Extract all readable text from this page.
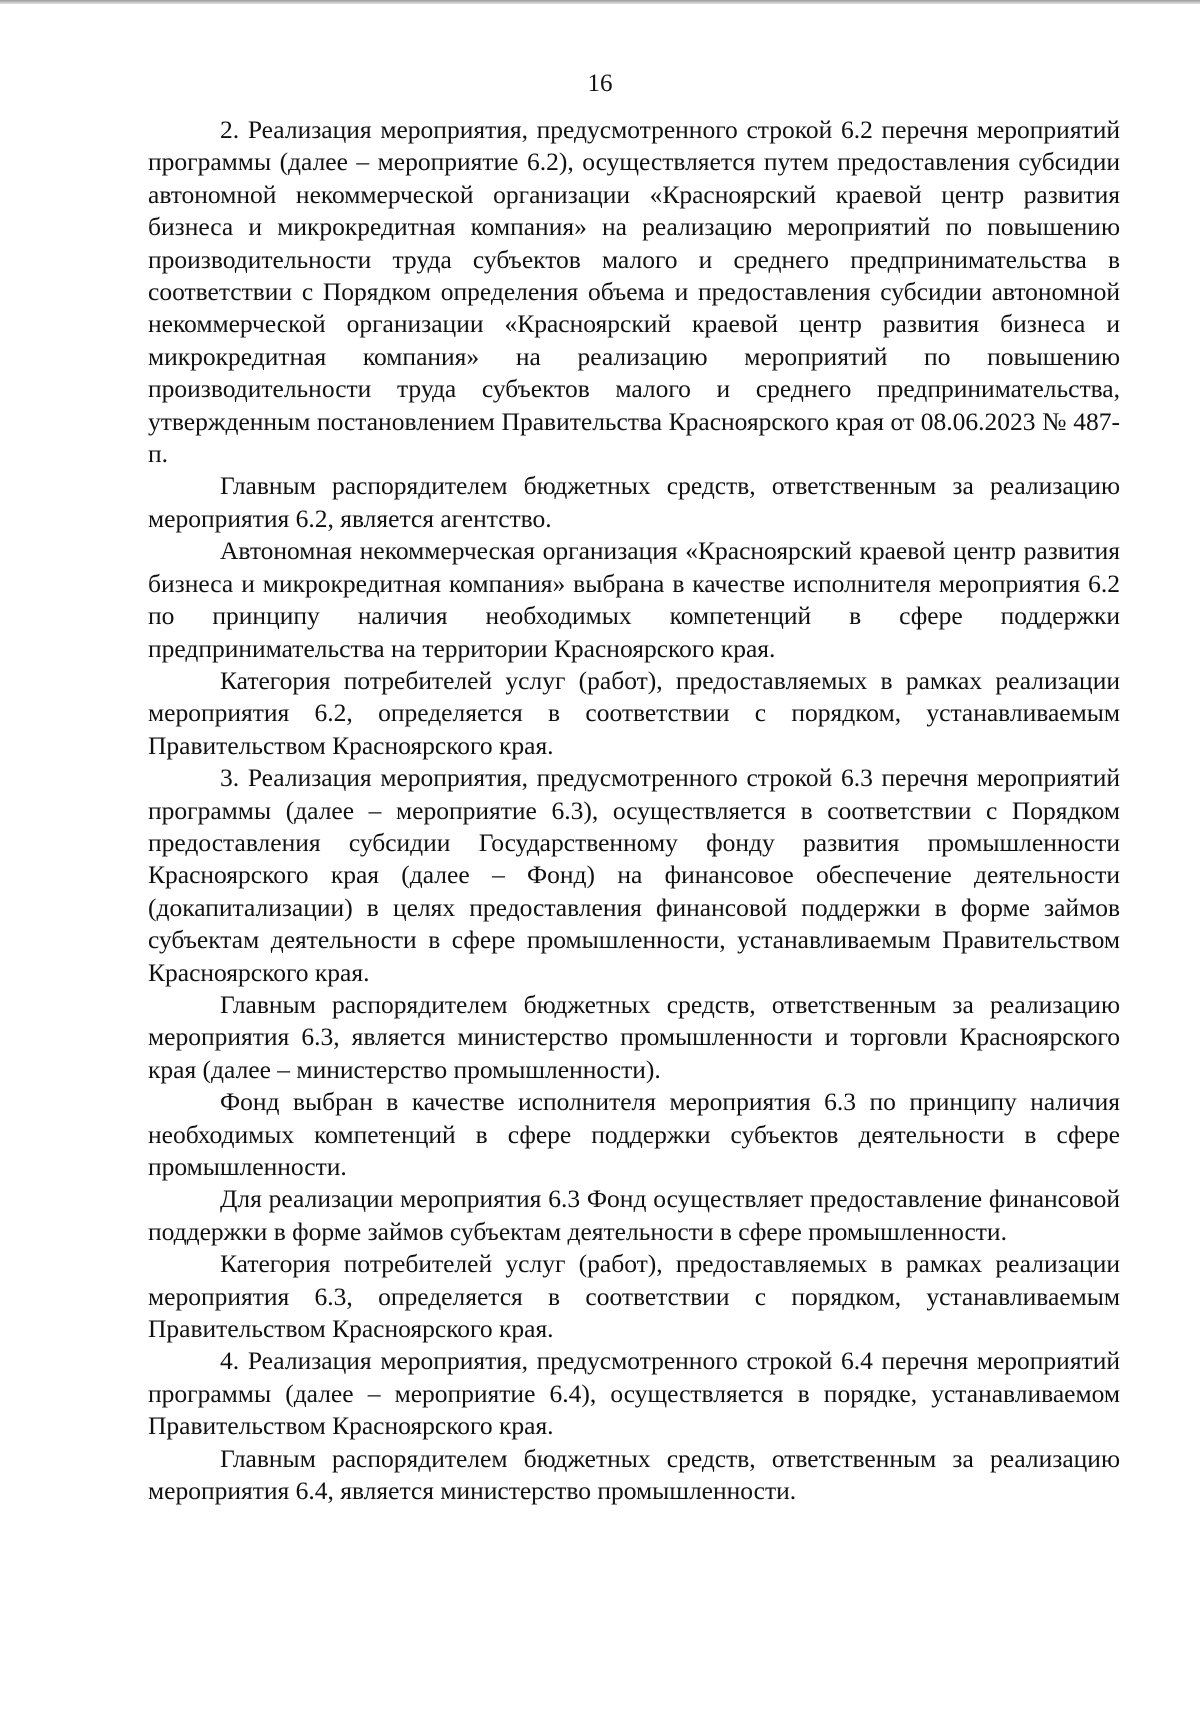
16

2. Реализация мероприятия, предусмотренного строкой 6.2 перечня мероприятий программы (далее – мероприятие 6.2), осуществляется путем предоставления субсидии автономной некоммерческой организации «Красноярский краевой центр развития бизнеса и микрокредитная компания» на реализацию мероприятий по повышению производительности труда субъектов малого и среднего предпринимательства в соответствии с Порядком определения объема и предоставления субсидии автономной некоммерческой организации «Красноярский краевой центр развития бизнеса и микрокредитная компания» на реализацию мероприятий по повышению производительности труда субъектов малого и среднего предпринимательства, утвержденным постановлением Правительства Красноярского края от 08.06.2023 № 487-п.

Главным распорядителем бюджетных средств, ответственным за реализацию мероприятия 6.2, является агентство.

Автономная некоммерческая организация «Красноярский краевой центр развития бизнеса и микрокредитная компания» выбрана в качестве исполнителя мероприятия 6.2 по принципу наличия необходимых компетенций в сфере поддержки предпринимательства на территории Красноярского края.

Категория потребителей услуг (работ), предоставляемых в рамках реализации мероприятия 6.2, определяется в соответствии с порядком, устанавливаемым Правительством Красноярского края.

3. Реализация мероприятия, предусмотренного строкой 6.3 перечня мероприятий программы (далее – мероприятие 6.3), осуществляется в соответствии с Порядком предоставления субсидии Государственному фонду развития промышленности Красноярского края (далее – Фонд) на финансовое обеспечение деятельности (докапитализации) в целях предоставления финансовой поддержки в форме займов субъектам деятельности в сфере промышленности, устанавливаемым Правительством Красноярского края.

Главным распорядителем бюджетных средств, ответственным за реализацию мероприятия 6.3, является министерство промышленности и торговли Красноярского края (далее – министерство промышленности).

Фонд выбран в качестве исполнителя мероприятия 6.3 по принципу наличия необходимых компетенций в сфере поддержки субъектов деятельности в сфере промышленности.

Для реализации мероприятия 6.3 Фонд осуществляет предоставление финансовой поддержки в форме займов субъектам деятельности в сфере промышленности.

Категория потребителей услуг (работ), предоставляемых в рамках реализации мероприятия 6.3, определяется в соответствии с порядком, устанавливаемым Правительством Красноярского края.

4. Реализация мероприятия, предусмотренного строкой 6.4 перечня мероприятий программы (далее – мероприятие 6.4), осуществляется в порядке, устанавливаемом Правительством Красноярского края.

Главным распорядителем бюджетных средств, ответственным за реализацию мероприятия 6.4, является министерство промышленности.
